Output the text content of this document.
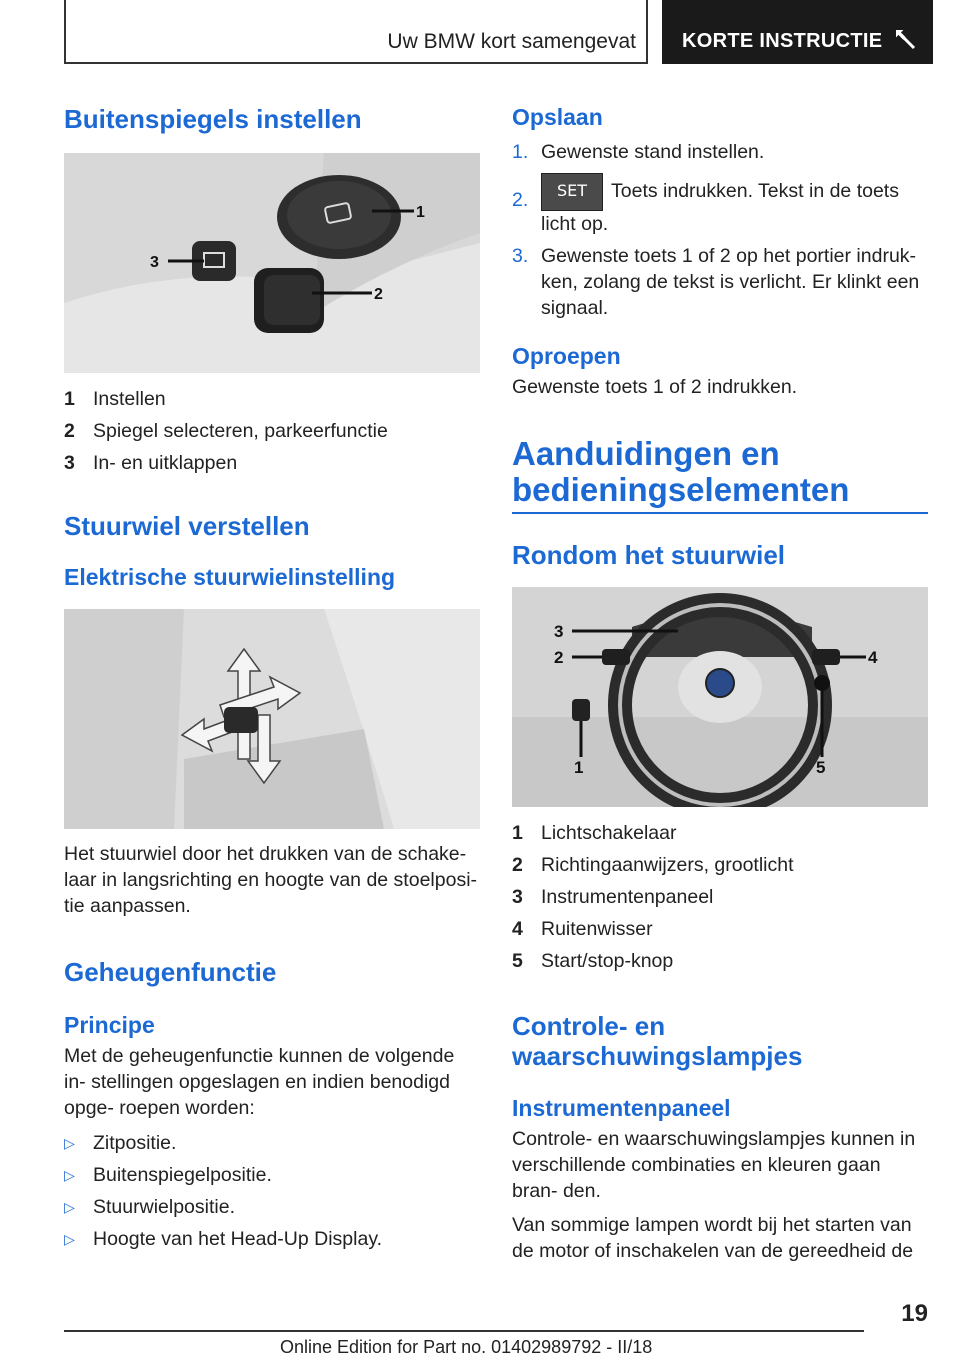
Uw BMW kort samengevat KORTE INSTRUCTIE
Buitenspiegels instellen
1
2
3
1 Instellen
2 Spiegel selecteren, parkeerfunctie
3 In- en uitklappen
Stuurwiel verstellen
Elektrische stuurwielinstelling

Het stuurwiel door het drukken van de schake- laar in langsrichting en hoogte van de stoelposi- tie aanpassen.

Geheugenfunctie
Principe

Met de geheugenfunctie kunnen de volgende in- stellingen opgeslagen en indien benodigd opge- roepen worden:

▷ Zitpositie.
▷ Buitenspiegelpositie.
▷ Stuurwielpositie.
▷ Hoogte van het Head-Up Display.
Opslaan
1. Gewenste stand instellen.
2.	SET Toets indrukken. Tekst in de toets licht op.
3. Gewenste toets 1 of 2 op het portier indruk- ken, zolang de tekst is verlicht. Er klinkt een signaal.
Oproepen

Gewenste toets 1 of 2 indrukken.

Aanduidingen en
bedieningselementen
Rondom het stuurwiel
1
2
3
4
5
1 Lichtschakelaar
2 Richtingaanwijzers, grootlicht
3 Instrumentenpaneel
4 Ruitenwisser
5 Start/stop-knop
Controle- en
waarschuwingslampjes
Instrumentenpaneel

Controle- en waarschuwingslampjes kunnen in verschillende combinaties en kleuren gaan bran- den.

Van sommige lampen wordt bij het starten van de motor of inschakelen van de gereedheid de

19
Online Edition for Part no. 01402989792 - II/18
